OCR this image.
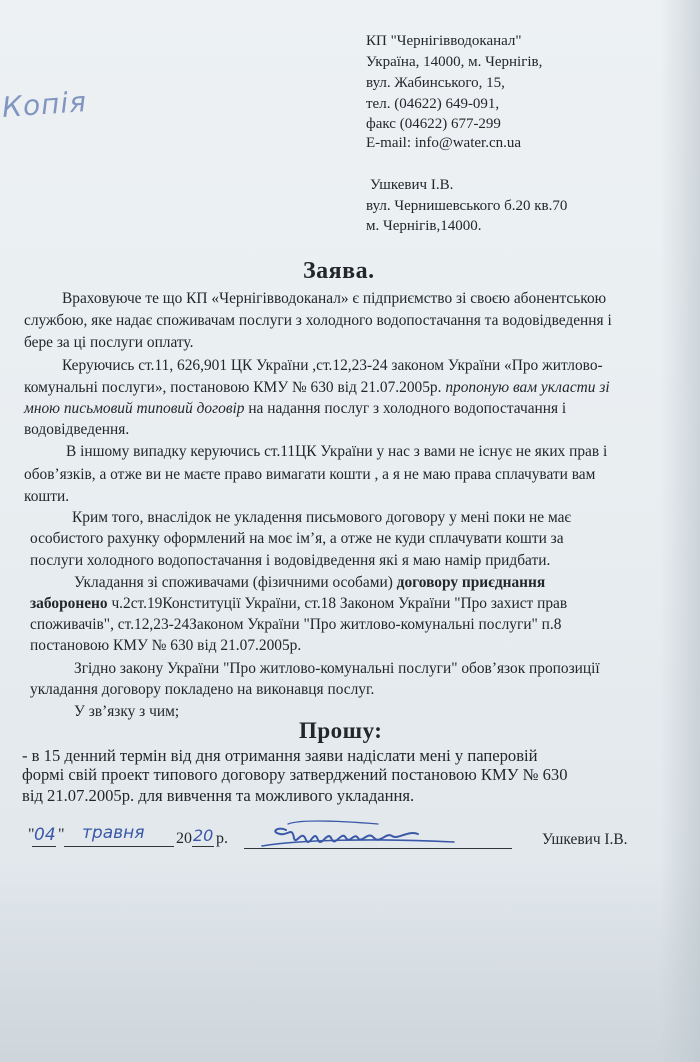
Копія
КП "Чернігівводоканал"
Україна, 14000, м. Чернігів,
вул. Жабинського, 15,
тел. (04622) 649-091,
факс (04622) 677-299
E-mail: info@water.cn.ua
Ушкевич І.В.
вул. Чернишевського б.20 кв.70
м. Чернігів,14000.
Заява.
Враховуючe те що КП «Чернігівводоканал» є підприємство зі своєю абонентською
службою, яке надає споживачам послуги з холодного водопостачання та водовідведення і
бере за ці послуги оплату.
Керуючись ст.11, 626,901 ЦК України ,ст.12,23-24 законом України «Про житлово-
комунальні послуги», постановою КМУ № 630 від 21.07.2005р. пропоную вам укласти зі
мною письмовий типовий договір на надання послуг з холодного водопостачання і
водовідведення.
В іншому випадку керуючись ст.11ЦК України у нас з вами не існує не яких прав і
обов’язків, а отже ви не маєте право вимагати кошти , а я не маю права сплачувати вам
кошти.
Крим того, внаслідок не укладення письмового договору у мені поки не має
особистого рахунку оформлений на моє ім’я, а отже не куди сплачувати кошти за
послуги холодного водопостачання і водовідведення які я маю намір придбати.
Укладання зі споживачами (фізичними особами) договору приєднання
заборонено ч.2ст.19Конституції України, ст.18 Законом України "Про захист прав
споживачів", ст.12,23-24Законом України "Про житлово-комунальні послуги" п.8
постановою КМУ № 630 від 21.07.2005р.
Згідно закону України "Про житлово-комунальні послуги" обов’язок пропозиції
укладання договору покладено на виконавця послуг.
У зв’язку з чим;
Прошу:
- в 15 денний термін від дня отримання заяви надіслати мені у паперовій
формі свій проект типового договору затверджений постановою КМУ № 630
від 21.07.2005р. для вивчення та можливого укладання.
" 04 " травня 20 20 р.	Ушкевич І.В.
